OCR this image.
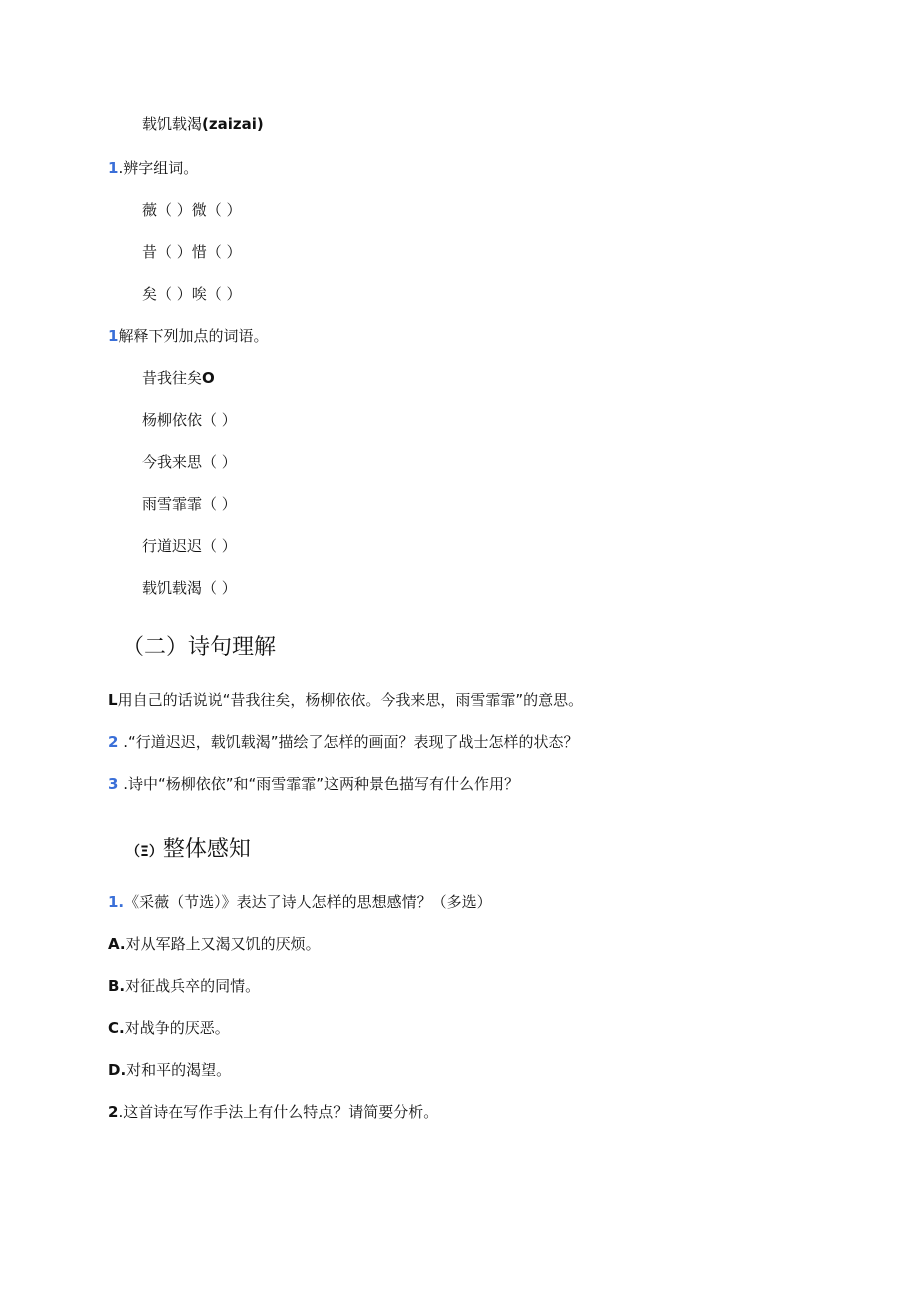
载饥载渴(zaizai)
1.辨字组词。
薇（ ）微（ ）
昔（ ）惜（ ）
矣（ ）唉（ ）
1解释下列加点的词语。
昔我往矣O
杨柳依依（ ）
今我来思（ ）
雨雪霏霏（ ）
行道迟迟（ ）
载饥载渴（ ）
（二）诗句理解
L用自己的话说说“昔我往矣，杨柳依依。今我来思，雨雪霏霏”的意思。
2 .“行道迟迟，载饥载渴”描绘了怎样的画面？表现了战士怎样的状态？
3 .诗中“杨柳依依”和“雨雪霏霏”这两种景色描写有什么作用？
（Ξ）整体感知
1.《采薇（节选）》表达了诗人怎样的思想感情？（多选）
A.对从军路上又渴又饥的厌烦。
B.对征战兵卒的同情。
C.对战争的厌恶。
D.对和平的渴望。
2.这首诗在写作手法上有什么特点？请简要分析。
